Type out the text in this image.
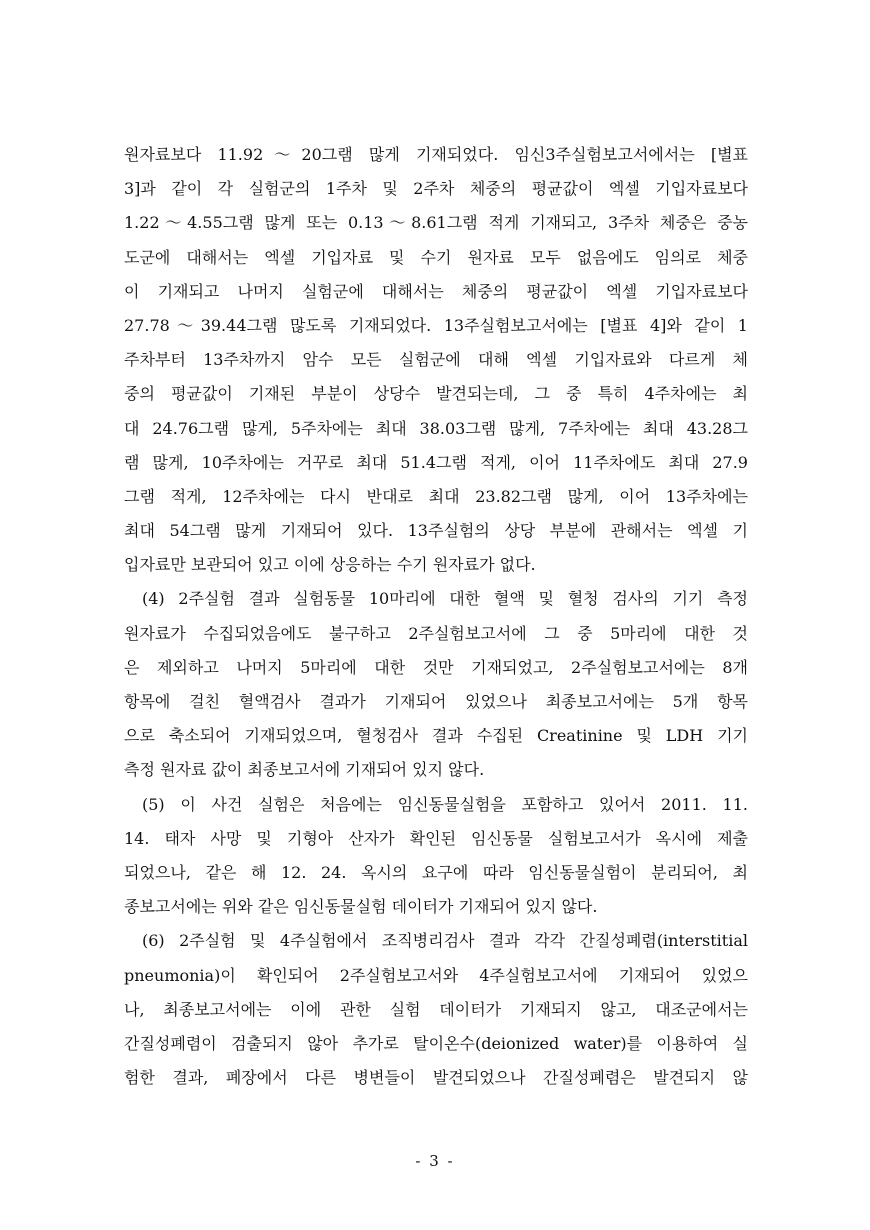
원자료보다 11.92～20그램 많게 기재되었다. 임신3주실험보고서에서는 [별표
3]과 같이 각 실험군의 1주차 및 2주차 체중의 평균값이 엑셀 기입자료보다
1.22～4.55그램 많게 또는 0.13～8.61그램 적게 기재되고, 3주차 체중은 중농
도군에 대해서는 엑셀 기입자료 및 수기 원자료 모두 없음에도 임의로 체중
이 기재되고 나머지 실험군에 대해서는 체중의 평균값이 엑셀 기입자료보다
27.78～39.44그램 많도록 기재되었다. 13주실험보고서에는 [별표 4]와 같이 1
주차부터 13주차까지 암수 모든 실험군에 대해 엑셀 기입자료와 다르게 체
중의 평균값이 기재된 부분이 상당수 발견되는데, 그 중 특히 4주차에는 최
대 24.76그램 많게, 5주차에는 최대 38.03그램 많게, 7주차에는 최대 43.28그
램 많게, 10주차에는 거꾸로 최대 51.4그램 적게, 이어 11주차에도 최대 27.9
그램 적게, 12주차에는 다시 반대로 최대 23.82그램 많게, 이어 13주차에는
최대 54그램 많게 기재되어 있다. 13주실험의 상당 부분에 관해서는 엑셀 기
입자료만 보관되어 있고 이에 상응하는 수기 원자료가 없다.
(4) 2주실험 결과 실험동물 10마리에 대한 혈액 및 혈청 검사의 기기 측정
원자료가 수집되었음에도 불구하고 2주실험보고서에 그 중 5마리에 대한 것
은 제외하고 나머지 5마리에 대한 것만 기재되었고, 2주실험보고서에는 8개
항목에 걸친 혈액검사 결과가 기재되어 있었으나 최종보고서에는 5개 항목
으로 축소되어 기재되었으며, 혈청검사 결과 수집된 Creatinine 및 LDH 기기
측정 원자료 값이 최종보고서에 기재되어 있지 않다.
(5) 이 사건 실험은 처음에는 임신동물실험을 포함하고 있어서 2011. 11.
14. 태자 사망 및 기형아 산자가 확인된 임신동물 실험보고서가 옥시에 제출
되었으나, 같은 해 12. 24. 옥시의 요구에 따라 임신동물실험이 분리되어, 최
종보고서에는 위와 같은 임신동물실험 데이터가 기재되어 있지 않다.
(6) 2주실험 및 4주실험에서 조직병리검사 결과 각각 간질성폐렴(interstitial
pneumonia)이 확인되어 2주실험보고서와 4주실험보고서에 기재되어 있었으
나, 최종보고서에는 이에 관한 실험 데이터가 기재되지 않고, 대조군에서는
간질성폐렴이 검출되지 않아 추가로 탈이온수(deionized water)를 이용하여 실
험한 결과, 폐장에서 다른 병변들이 발견되었으나 간질성폐렴은 발견되지 않
- 3 -
